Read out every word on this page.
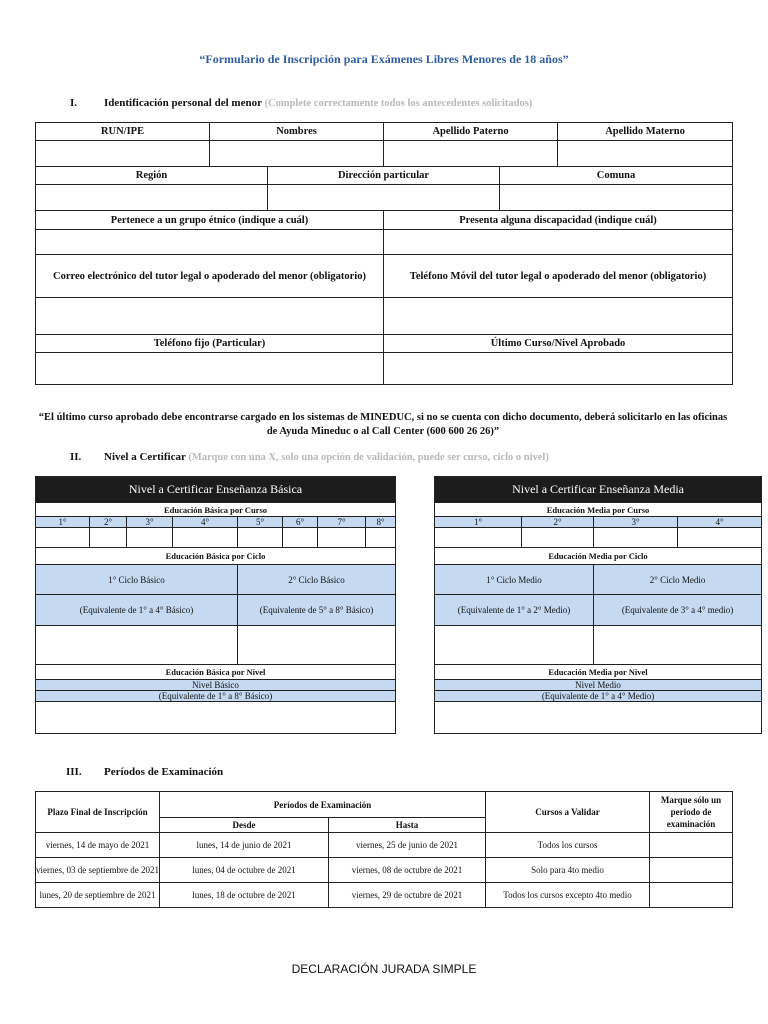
“Formulario de Inscripción para Exámenes Libres Menores de 18 años”
I. Identificación personal del menor (Complete correctamente todos los antecedentes solicitados)
RUN/IPE	Nombres		Apellido Paterno		Apellido Materno

Región		Dirección particular		Comuna	

Pertenece a un grupo étnico (indique a cuál)			Presenta alguna discapacidad (indique cuál)		

Correo electrónico del tutor legal o apoderado del menor (obligatorio)			Teléfono Móvil del tutor legal o apoderado del menor (obligatorio)		

Teléfono fijo (Particular)			Último Curso/Nivel Aprobado		

“El último curso aprobado debe encontrarse cargado en los sistemas de MINEDUC, si no se cuenta con dicho documento, deberá solicitarlo en las oficinas de Ayuda Mineduc o al Call Center (600 600 26 26)”
II. Nivel a Certificar (Marque con una X, solo una opción de validación, puede ser curso, ciclo o nivel)
Nivel a Certificar Enseñanza Básica							
Educación Básica por Curso							
1°	2°	3°	4°	5°	6°	7°	8°

Educación Básica por Ciclo							
1° Ciclo Básico				2° Ciclo Básico			
(Equivalente de 1° a 4° Básico)				(Equivalente de 5° a 8° Básico)			

Educación Básica por Nivel							
Nivel Básico							
(Equivalente de 1° a 8° Básico)							

Nivel a Certificar Enseñanza Media			
Educación Media por Curso			
1°	2°	3°	4°

Educación Media por Ciclo			
1° Ciclo Medio		2° Ciclo Medio	
(Equivalente de 1° a 2° Medio)		(Equivalente de 3° a 4° medio)	

Educación Media por Nivel			
Nivel Medio			
(Equivalente de 1° a 4° Medio)			

III. Períodos de Examinación
Plazo Final de Inscripción	Períodos de Examinación		Cursos a Validar	Marque sólo un periodo de examinación
	Desde	Hasta		
viernes, 14 de mayo de 2021	lunes, 14 de junio de 2021	viernes, 25 de junio de 2021	Todos los cursos	
viernes, 03 de septiembre de 2021	lunes, 04 de octubre de 2021	viernes, 08 de octubre de 2021	Solo para 4to medio	
lunes, 20 de septiembre de 2021	lunes, 18 de octubre de 2021	viernes, 29 de octubre de 2021	Todos los cursos excepto 4to medio	
DECLARACIÓN JURADA SIMPLE
